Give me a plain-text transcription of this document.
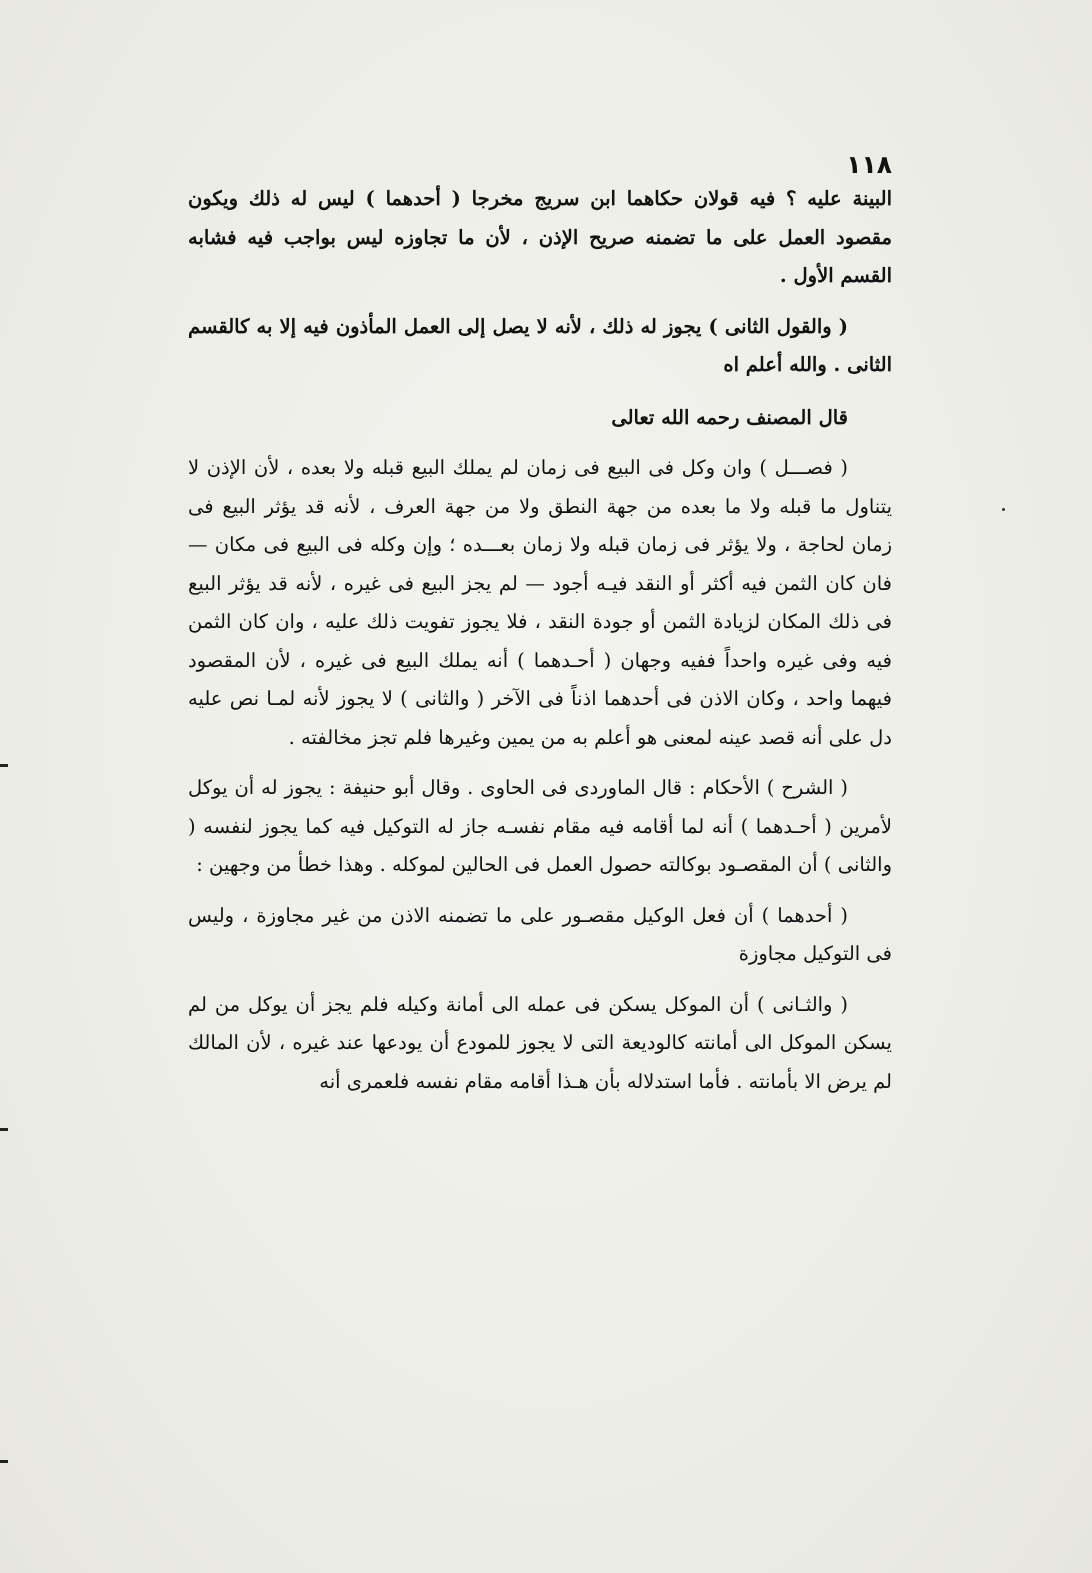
١١٨

البينة عليه ؟ فيه قولان حكاهما ابن سريج مخرجا ( أحدهما ) ليس له ذلك ويكون مقصود العمل على ما تضمنه صريح الإذن ، لأن ما تجاوزه ليس بواجب فيه فشابه القسم الأول .

( والقول الثانى ) يجوز له ذلك ، لأنه لا يصل إلى العمل المأذون فيه إلا به كالقسم الثانى . والله أعلم اه

قال المصنف رحمه الله تعالى

( فصـــل ) وان وكل فى البيع فى زمان لم يملك البيع قبله ولا بعده ، لأن الإذن لا يتناول ما قبله ولا ما بعده من جهة النطق ولا من جهة العرف ، لأنه قد يؤثر البيع فى زمان لحاجة ، ولا يؤثر فى زمان قبله ولا زمان بعـــده ؛ وإن وكله فى البيع فى مكان — فان كان الثمن فيه أكثر أو النقد فيـه أجود — لم يجز البيع فى غيره ، لأنه قد يؤثر البيع فى ذلك المكان لزيادة الثمن أو جودة النقد ، فلا يجوز تفويت ذلك عليه ، وان كان الثمن فيه وفى غيره واحداً ففيه وجهان ( أحـدهما ) أنه يملك البيع فى غيره ، لأن المقصود فيهما واحد ، وكان الاذن فى أحدهما اذناً فى الآخر ( والثانى ) لا يجوز لأنه لمـا نص عليه دل على أنه قصد عينه لمعنى هو أعلم به من يمين وغيرها فلم تجز مخالفته .

( الشرح ) الأحكام : قال الماوردى فى الحاوى . وقال أبو حنيفة : يجوز له أن يوكل لأمرين ( أحـدهما ) أنه لما أقامه فيه مقام نفسـه جاز له التوكيل فيه كما يجوز لنفسه ( والثانى ) أن المقصـود بوكالته حصول العمل فى الحالين لموكله . وهذا خطأ من وجهين :

( أحدهما ) أن فعل الوكيل مقصـور على ما تضمنه الاذن من غير مجاوزة ، وليس فى التوكيل مجاوزة

( والثـانى ) أن الموكل يسكن فى عمله الى أمانة وكيله فلم يجز أن يوكل من لم يسكن الموكل الى أمانته كالوديعة التى لا يجوز للمودع أن يودعها عند غيره ، لأن المالك لم يرض الا بأمانته . فأما استدلاله بأن هـذا أقامه مقام نفسه فلعمرى أنه
